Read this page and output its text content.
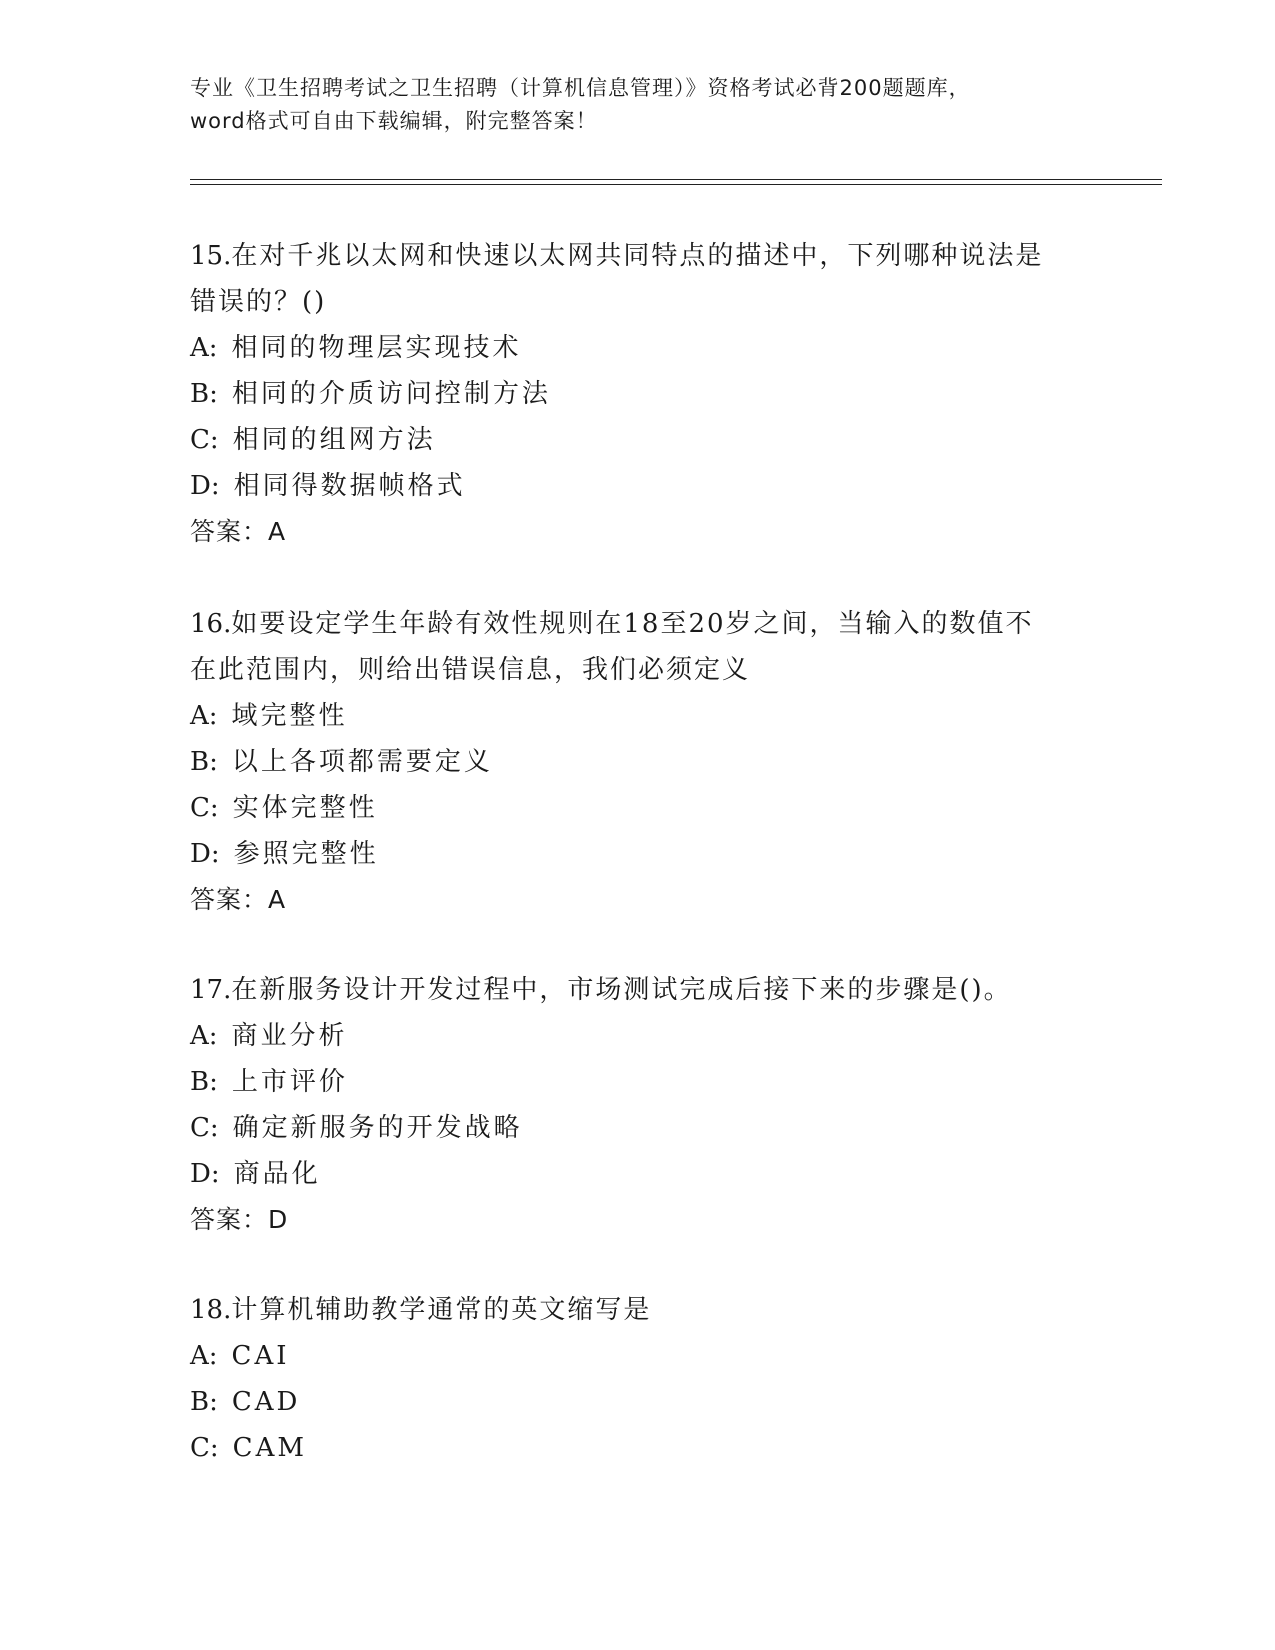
专业《卫生招聘考试之卫生招聘（计算机信息管理）》资格考试必背200题题库，
word格式可自由下载编辑，附完整答案！

15.在对千兆以太网和快速以太网共同特点的描述中，下列哪种说法是

错误的？()

A: 相同的物理层实现技术

B: 相同的介质访问控制方法

C: 相同的组网方法

D: 相同得数据帧格式

答案：A

16.如要设定学生年龄有效性规则在18至20岁之间，当输入的数值不

在此范围内，则给出错误信息，我们必须定义

A: 域完整性

B: 以上各项都需要定义

C: 实体完整性

D: 参照完整性

答案：A

17.在新服务设计开发过程中，市场测试完成后接下来的步骤是()。

A: 商业分析

B: 上市评价

C: 确定新服务的开发战略

D: 商品化

答案：D

18.计算机辅助教学通常的英文缩写是

A: CAI

B: CAD

C: CAM
